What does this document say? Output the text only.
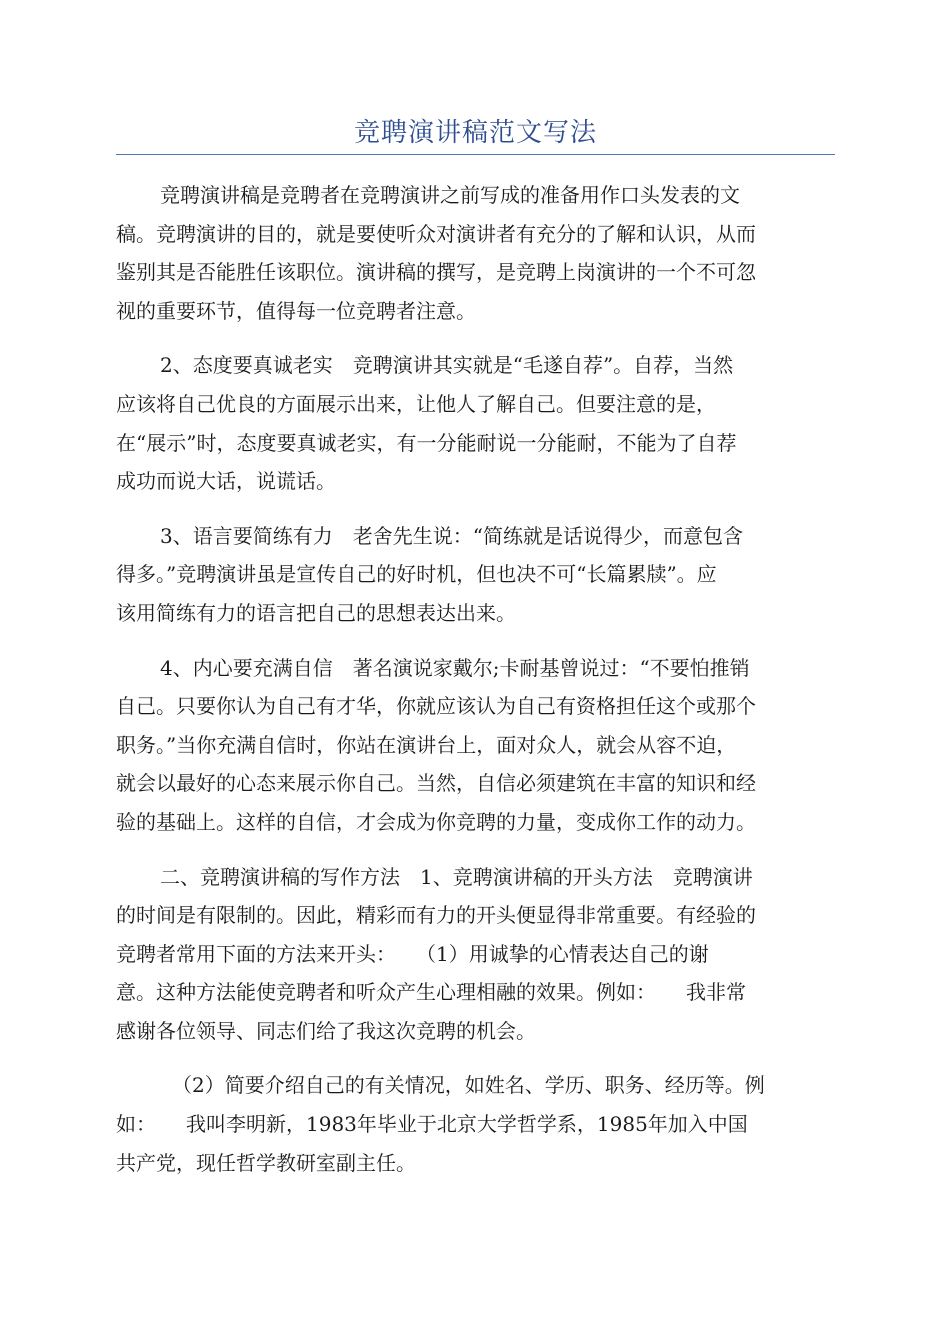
竞聘演讲稿范文写法
竞聘演讲稿是竞聘者在竞聘演讲之前写成的准备用作口头发表的文
稿。竞聘演讲的目的，就是要使听众对演讲者有充分的了解和认识，从而
鉴别其是否能胜任该职位。演讲稿的撰写，是竞聘上岗演讲的一个不可忽
视的重要环节，值得每一位竞聘者注意。
2、态度要真诚老实　竞聘演讲其实就是“毛遂自荐”。自荐，当然
应该将自己优良的方面展示出来，让他人了解自己。但要注意的是，
在“展示”时，态度要真诚老实，有一分能耐说一分能耐，不能为了自荐
成功而说大话，说谎话。
3、语言要简练有力　老舍先生说：“简练就是话说得少，而意包含
得多。”竞聘演讲虽是宣传自己的好时机，但也决不可“长篇累牍”。应
该用简练有力的语言把自己的思想表达出来。
4、内心要充满自信　著名演说家戴尔;卡耐基曾说过：“不要怕推销
自己。只要你认为自己有才华，你就应该认为自己有资格担任这个或那个
职务。”当你充满自信时，你站在演讲台上，面对众人，就会从容不迫，
就会以最好的心态来展示你自己。当然，自信必须建筑在丰富的知识和经
验的基础上。这样的自信，才会成为你竞聘的力量，变成你工作的动力。
二、竞聘演讲稿的写作方法　1、竞聘演讲稿的开头方法　竞聘演讲
的时间是有限制的。因此，精彩而有力的开头便显得非常重要。有经验的
竞聘者常用下面的方法来开头：　　（1）用诚挚的心情表达自己的谢
意。这种方法能使竞聘者和听众产生心理相融的效果。例如：　　我非常
感谢各位领导、同志们给了我这次竞聘的机会。
（2）简要介绍自己的有关情况，如姓名、学历、职务、经历等。例
如：　　我叫李明新，1983年毕业于北京大学哲学系，1985年加入中国
共产党，现任哲学教研室副主任。
